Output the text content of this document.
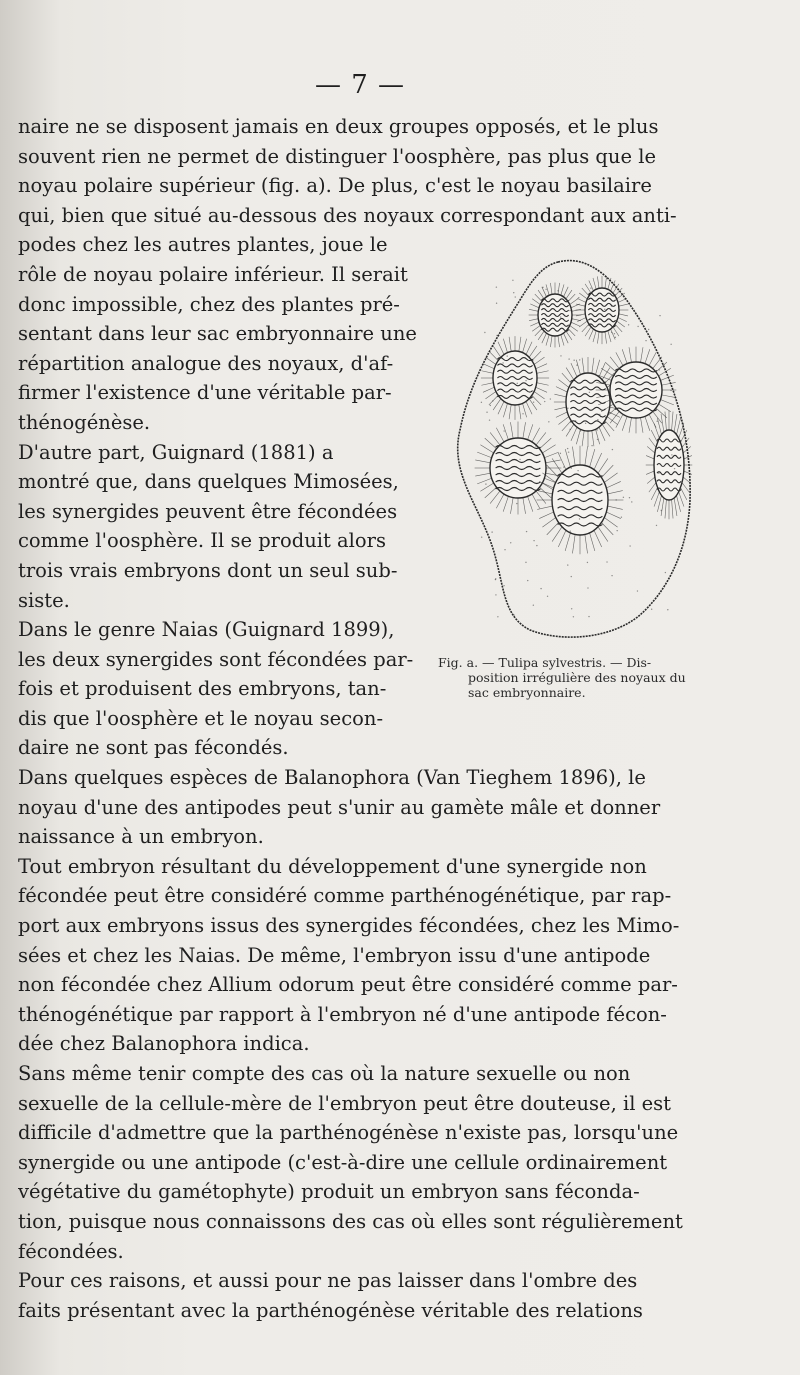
— 7 —
naire ne se disposent jamais en deux groupes opposés, et le plus
souvent rien ne permet de distinguer l'oosphère, pas plus que le
noyau polaire supérieur (fig. a). De plus, c'est le noyau basilaire
qui, bien que situé au-dessous des noyaux correspondant aux anti-
podes chez les autres plantes, joue le
rôle de noyau polaire inférieur. Il serait
donc impossible, chez des plantes pré-
sentant dans leur sac embryonnaire une
répartition analogue des noyaux, d'af-
firmer l'existence d'une véritable par-
thénogénèse.
D'autre part, Guignard (1881) a
montré que, dans quelques Mimosées,
les synergides peuvent être fécondées
comme l'oosphère. Il se produit alors
trois vrais embryons dont un seul sub-
siste.
Dans le genre Naias (Guignard 1899),
les deux synergides sont fécondées par-
fois et produisent des embryons, tan-
dis que l'oosphère et le noyau secon-
daire ne sont pas fécondés.
Dans quelques espèces de Balanophora (Van Tieghem 1896), le
noyau d'une des antipodes peut s'unir au gamète mâle et donner
naissance à un embryon.
Tout embryon résultant du développement d'une synergide non
fécondée peut être considéré comme parthénogénétique, par rap-
port aux embryons issus des synergides fécondées, chez les Mimo-
sées et chez les Naias. De même, l'embryon issu d'une antipode
non fécondée chez Allium odorum peut être considéré comme par-
thénogénétique par rapport à l'embryon né d'une antipode fécon-
dée chez Balanophora indica.
Sans même tenir compte des cas où la nature sexuelle ou non
sexuelle de la cellule-mère de l'embryon peut être douteuse, il est
difficile d'admettre que la parthénogénèse n'existe pas, lorsqu'une
synergide ou une antipode (c'est-à-dire une cellule ordinairement
végétative du gamétophyte) produit un embryon sans féconda-
tion, puisque nous connaissons des cas où elles sont régulièrement
fécondées.
Pour ces raisons, et aussi pour ne pas laisser dans l'ombre des
faits présentant avec la parthénogénèse véritable des relations
Fig. a. — Tulipa sylvestris. — Dis-
position irrégulière des noyaux du
sac embryonnaire.
